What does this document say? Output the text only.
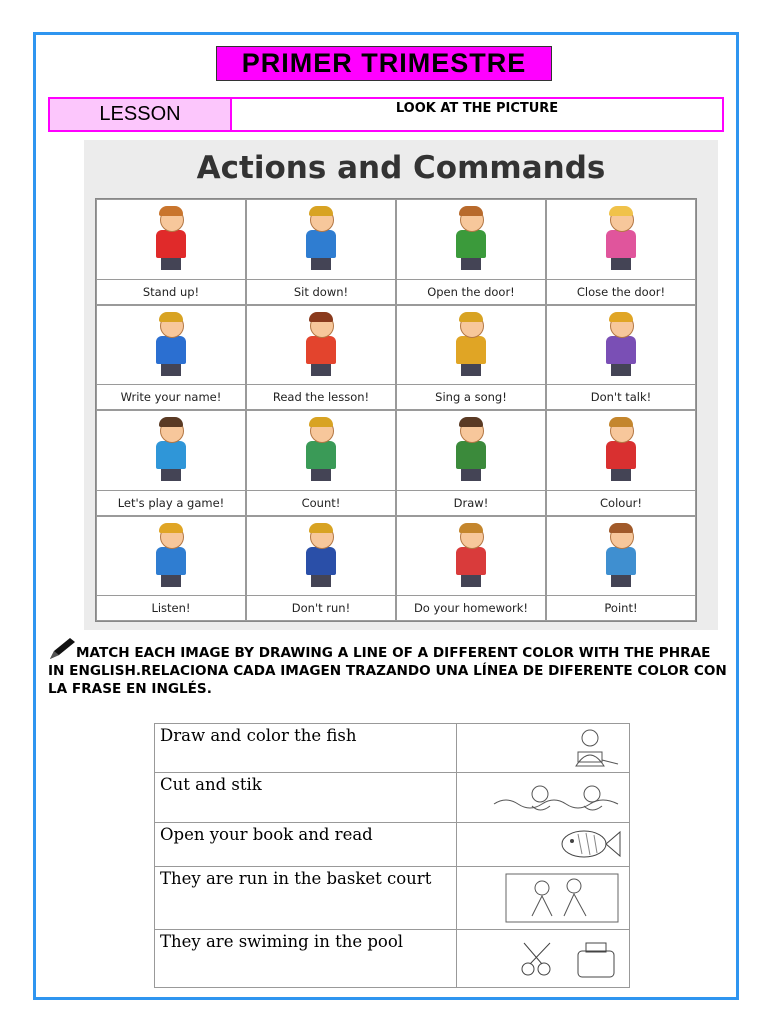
PRIMER TRIMESTRE
LESSON	LOOK AT THE PICTURE
Actions and Commands
Stand up!	Sit down!	Open the door!	Close the door!
Write your name!	Read the lesson!	Sing a song!	Don't talk!
Let's play a game!	Count!	Draw!	Colour!
Listen!	Don't run!	Do your homework!	Point!
MATCH EACH IMAGE BY DRAWING A LINE OF A DIFFERENT COLOR WITH THE PHRAE IN ENGLISH.RELACIONA CADA IMAGEN TRAZANDO UNA LÍNEA DE DIFERENTE COLOR CON LA FRASE EN INGLÉS.
Draw and color the fish	

Cut and stik	

Open your book and read	

They are run in the basket court	

They are swiming in the pool	
